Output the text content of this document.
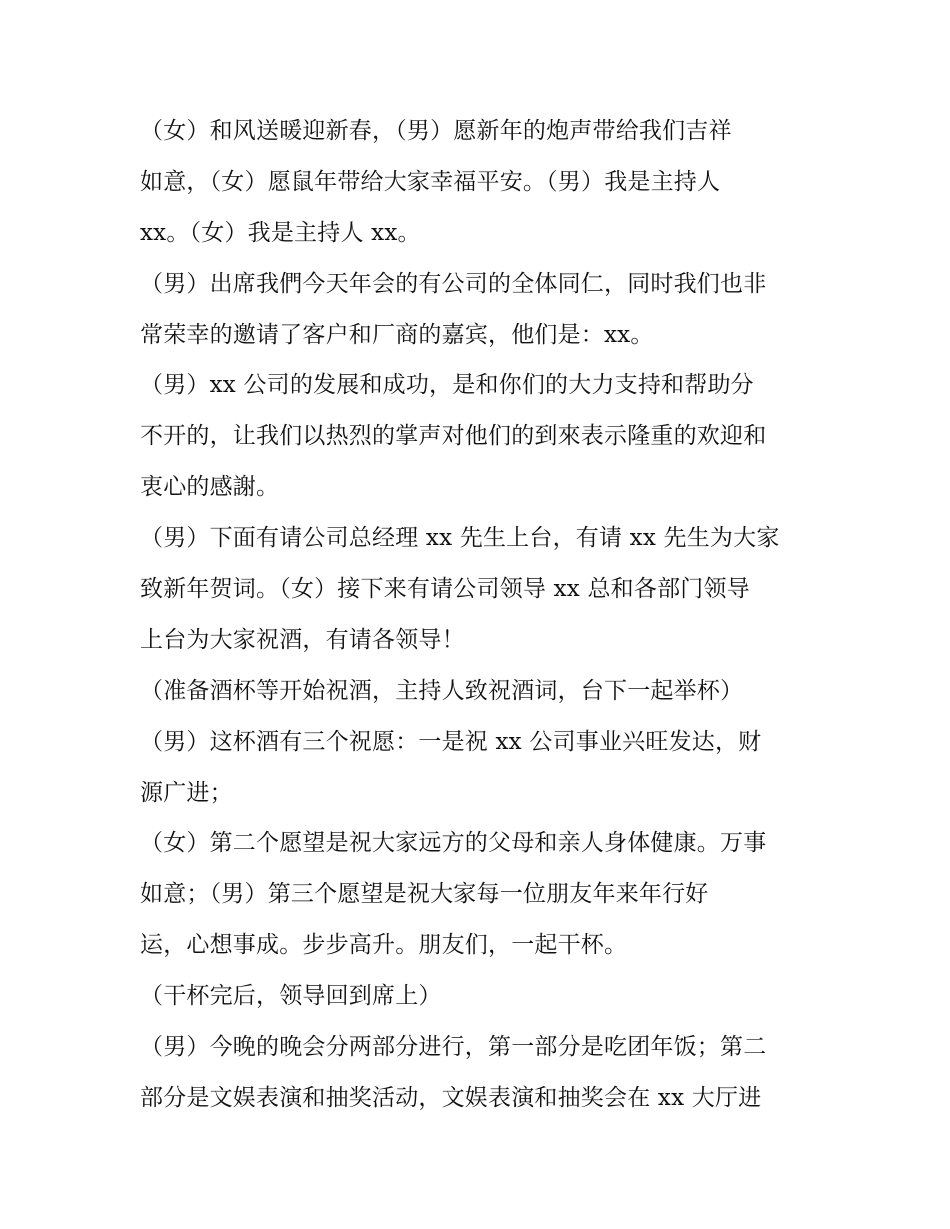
（女）和风送暖迎新春，（男）愿新年的炮声带给我们吉祥
如意，（女）愿鼠年带给大家幸福平安。（男）我是主持人
xx。（女）我是主持人 xx。
（男）出席我們今天年会的有公司的全体同仁，同时我们也非
常荣幸的邀请了客户和厂商的嘉宾，他们是：xx。
（男）xx 公司的发展和成功，是和你们的大力支持和帮助分
不开的，让我们以热烈的掌声对他们的到來表示隆重的欢迎和
衷心的感謝。
（男）下面有请公司总经理 xx 先生上台，有请 xx 先生为大家
致新年贺词。（女）接下来有请公司领导 xx 总和各部门领导
上台为大家祝酒，有请各领导！
（准备酒杯等开始祝酒，主持人致祝酒词，台下一起举杯）
（男）这杯酒有三个祝愿：一是祝 xx 公司事业兴旺发达，财
源广进；
（女）第二个愿望是祝大家远方的父母和亲人身体健康。万事
如意；（男）第三个愿望是祝大家每一位朋友年来年行好
运，心想事成。步步高升。朋友们，一起干杯。
（干杯完后，领导回到席上）
（男）今晚的晚会分两部分进行，第一部分是吃团年饭；第二
部分是文娱表演和抽奖活动，文娱表演和抽奖会在 xx 大厅进
